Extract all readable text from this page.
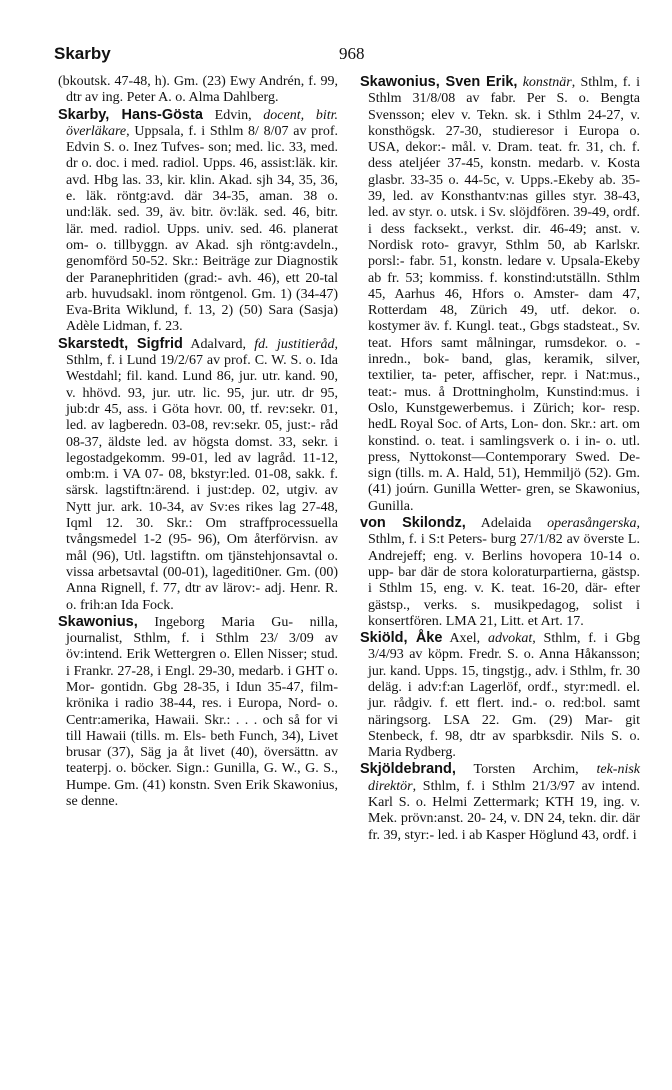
Skarby	968

(bkoutsk. 47-48, h). Gm. (23) Ewy Andrén, f. 99, dtr av ing. Peter A. o. Alma Dahlberg.

Skarby, Hans-Gösta Edvin, docent, bitr. överläkare, Uppsala, f. i Sthlm 8/ 8/07 av prof. Edvin S. o. Inez Tufves- son; med. lic. 33, med. dr o. doc. i med. radiol. Upps. 46, assist:läk. kir. avd. Hbg las. 33, kir. klin. Akad. sjh 34, 35, 36, e. läk. röntg:avd. där 34-35, aman. 38 o. und:läk. sed. 39, äv. bitr. öv:läk. sed. 46, bitr. lär. med. radiol. Upps. univ. sed. 46. planerat om- o. tillbyggn. av Akad. sjh röntg:avdeln., genomförd 50-52. Skr.: Beiträge zur Diagnostik der Paranephritiden (grad:- avh. 46), ett 20-tal arb. huvudsakl. inom röntgenol. Gm. 1) (34-47) Eva-Brita Wiklund, f. 13, 2) (50) Sara (Sasja) Adèle Lidman, f. 23.

Skarstedt, Sigfrid Adalvard, fd. justitieråd, Sthlm, f. i Lund 19/2/67 av prof. C. W. S. o. Ida Westdahl; fil. kand. Lund 86, jur. utr. kand. 90, v. hhövd. 93, jur. utr. lic. 95, jur. utr. dr 95, jub:dr 45, ass. i Göta hovr. 00, tf. rev:sekr. 01, led. av lagberedn. 03-08, rev:sekr. 05, just:- råd 08-37, äldste led. av högsta domst. 33, sekr. i legostadgekomm. 99-01, led av lagråd. 11-12, omb:m. i VA 07- 08, bkstyr:led. 01-08, sakk. f. särsk. lagstiftn:ärend. i just:dep. 02, utgiv. av Nytt jur. ark. 10-34, av Sv:es rikes lag 27-48, Iqml 12. 30. Skr.: Om straffprocessuella tvångsmedel 1-2 (95- 96), Om återförvisn. av mål (96), Utl. lagstiftn. om tjänstehjonsavtal o. vissa arbetsavtal (00-01), lagediti0ner. Gm. (00) Anna Rignell, f. 77, dtr av lärov:- adj. Henr. R. o. frih:an Ida Fock.

Skawonius, Ingeborg Maria Gu- nilla, journalist, Sthlm, f. i Sthlm 23/ 3/09 av öv:intend. Erik Wettergren o. Ellen Nisser; stud. i Frankr. 27-28, i Engl. 29-30, medarb. i GHT o. Mor- gontidn. Gbg 28-35, i Idun 35-47, film- krönika i radio 38-44, res. i Europa, Nord- o. Centr:amerika, Hawaii. Skr.: . . . och så for vi till Hawaii (tills. m. Els- beth Funch, 34), Livet brusar (37), Säg ja åt livet (40), översättn. av teaterpj. o. böcker. Sign.: Gunilla, G. W., G. S., Humpe. Gm. (41) konstn. Sven Erik Skawonius, se denne.

Skawonius, Sven Erik, konstnär, Sthlm, f. i Sthlm 31/8/08 av fabr. Per S. o. Bengta Svensson; elev v. Tekn. sk. i Sthlm 24-27, v. konsthögsk. 27-30, studieresor i Europa o. USA, dekor:- mål. v. Dram. teat. fr. 31, ch. f. dess ateljéer 37-45, konstn. medarb. v. Kosta glasbr. 33-35 o. 44-5c, v. Upps.-Ekeby ab. 35-39, led. av Konsthantv:nas gilles styr. 38-43, led. av styr. o. utsk. i Sv. slöjdfören. 39-49, ordf. i dess facksekt., verkst. dir. 46-49; anst. v. Nordisk roto- gravyr, Sthlm 50, ab Karlskr. porsl:- fabr. 51, konstn. ledare v. Upsala-Ekeby ab fr. 53; kommiss. f. konstind:utställn. Sthlm 45, Aarhus 46, Hfors o. Amster- dam 47, Rotterdam 48, Zürich 49, utf. dekor. o. kostymer äv. f. Kungl. teat., Gbgs stadsteat., Sv. teat. Hfors samt målningar, rumsdekor. o. -inredn., bok- band, glas, keramik, silver, textilier, ta- peter, affischer, repr. i Nat:mus., teat:- mus. å Drottningholm, Kunstind:mus. i Oslo, Kunstgewerbemus. i Zürich; kor- resp. hedL Royal Soc. of Arts, Lon- don. Skr.: art. om konstind. o. teat. i samlingsverk o. i in- o. utl. press, Nyttokonst—Contemporary Swed. De- sign (tills. m. A. Hald, 51), Hemmiljö (52). Gm. (41) joúrn. Gunilla Wetter- gren, se Skawonius, Gunilla.

von Skilondz, Adelaida operasångerska, Sthlm, f. i S:t Peters- burg 27/1/82 av överste L. Andrejeff; eng. v. Berlins hovopera 10-14 o. upp- bar där de stora koloraturpartierna, gästsp. i Sthlm 15, eng. v. K. teat. 16-20, där- efter gästsp., verks. s. musikpedagog, solist i konsertfören. LMA 21, Litt. et Art. 17.

Skiöld, Åke Axel, advokat, Sthlm, f. i Gbg 3/4/93 av köpm. Fredr. S. o. Anna Håkansson; jur. kand. Upps. 15, tingstjg., adv. i Sthlm, fr. 30 deläg. i adv:f:an Lagerlöf, ordf., styr:medl. el. jur. rådgiv. f. ett flert. ind.- o. red:bol. samt näringsorg. LSA 22. Gm. (29) Mar- git Stenbeck, f. 98, dtr av sparbksdir. Nils S. o. Maria Rydberg.

Skjöldebrand, Torsten Archim, tek-nisk direktör, Sthlm, f. i Sthlm 21/3/97 av intend. Karl S. o. Helmi Zettermark; KTH 19, ing. v. Mek. prövn:anst. 20- 24, v. DN 24, tekn. dir. där fr. 39, styr:- led. i ab Kasper Höglund 43, ordf. i
